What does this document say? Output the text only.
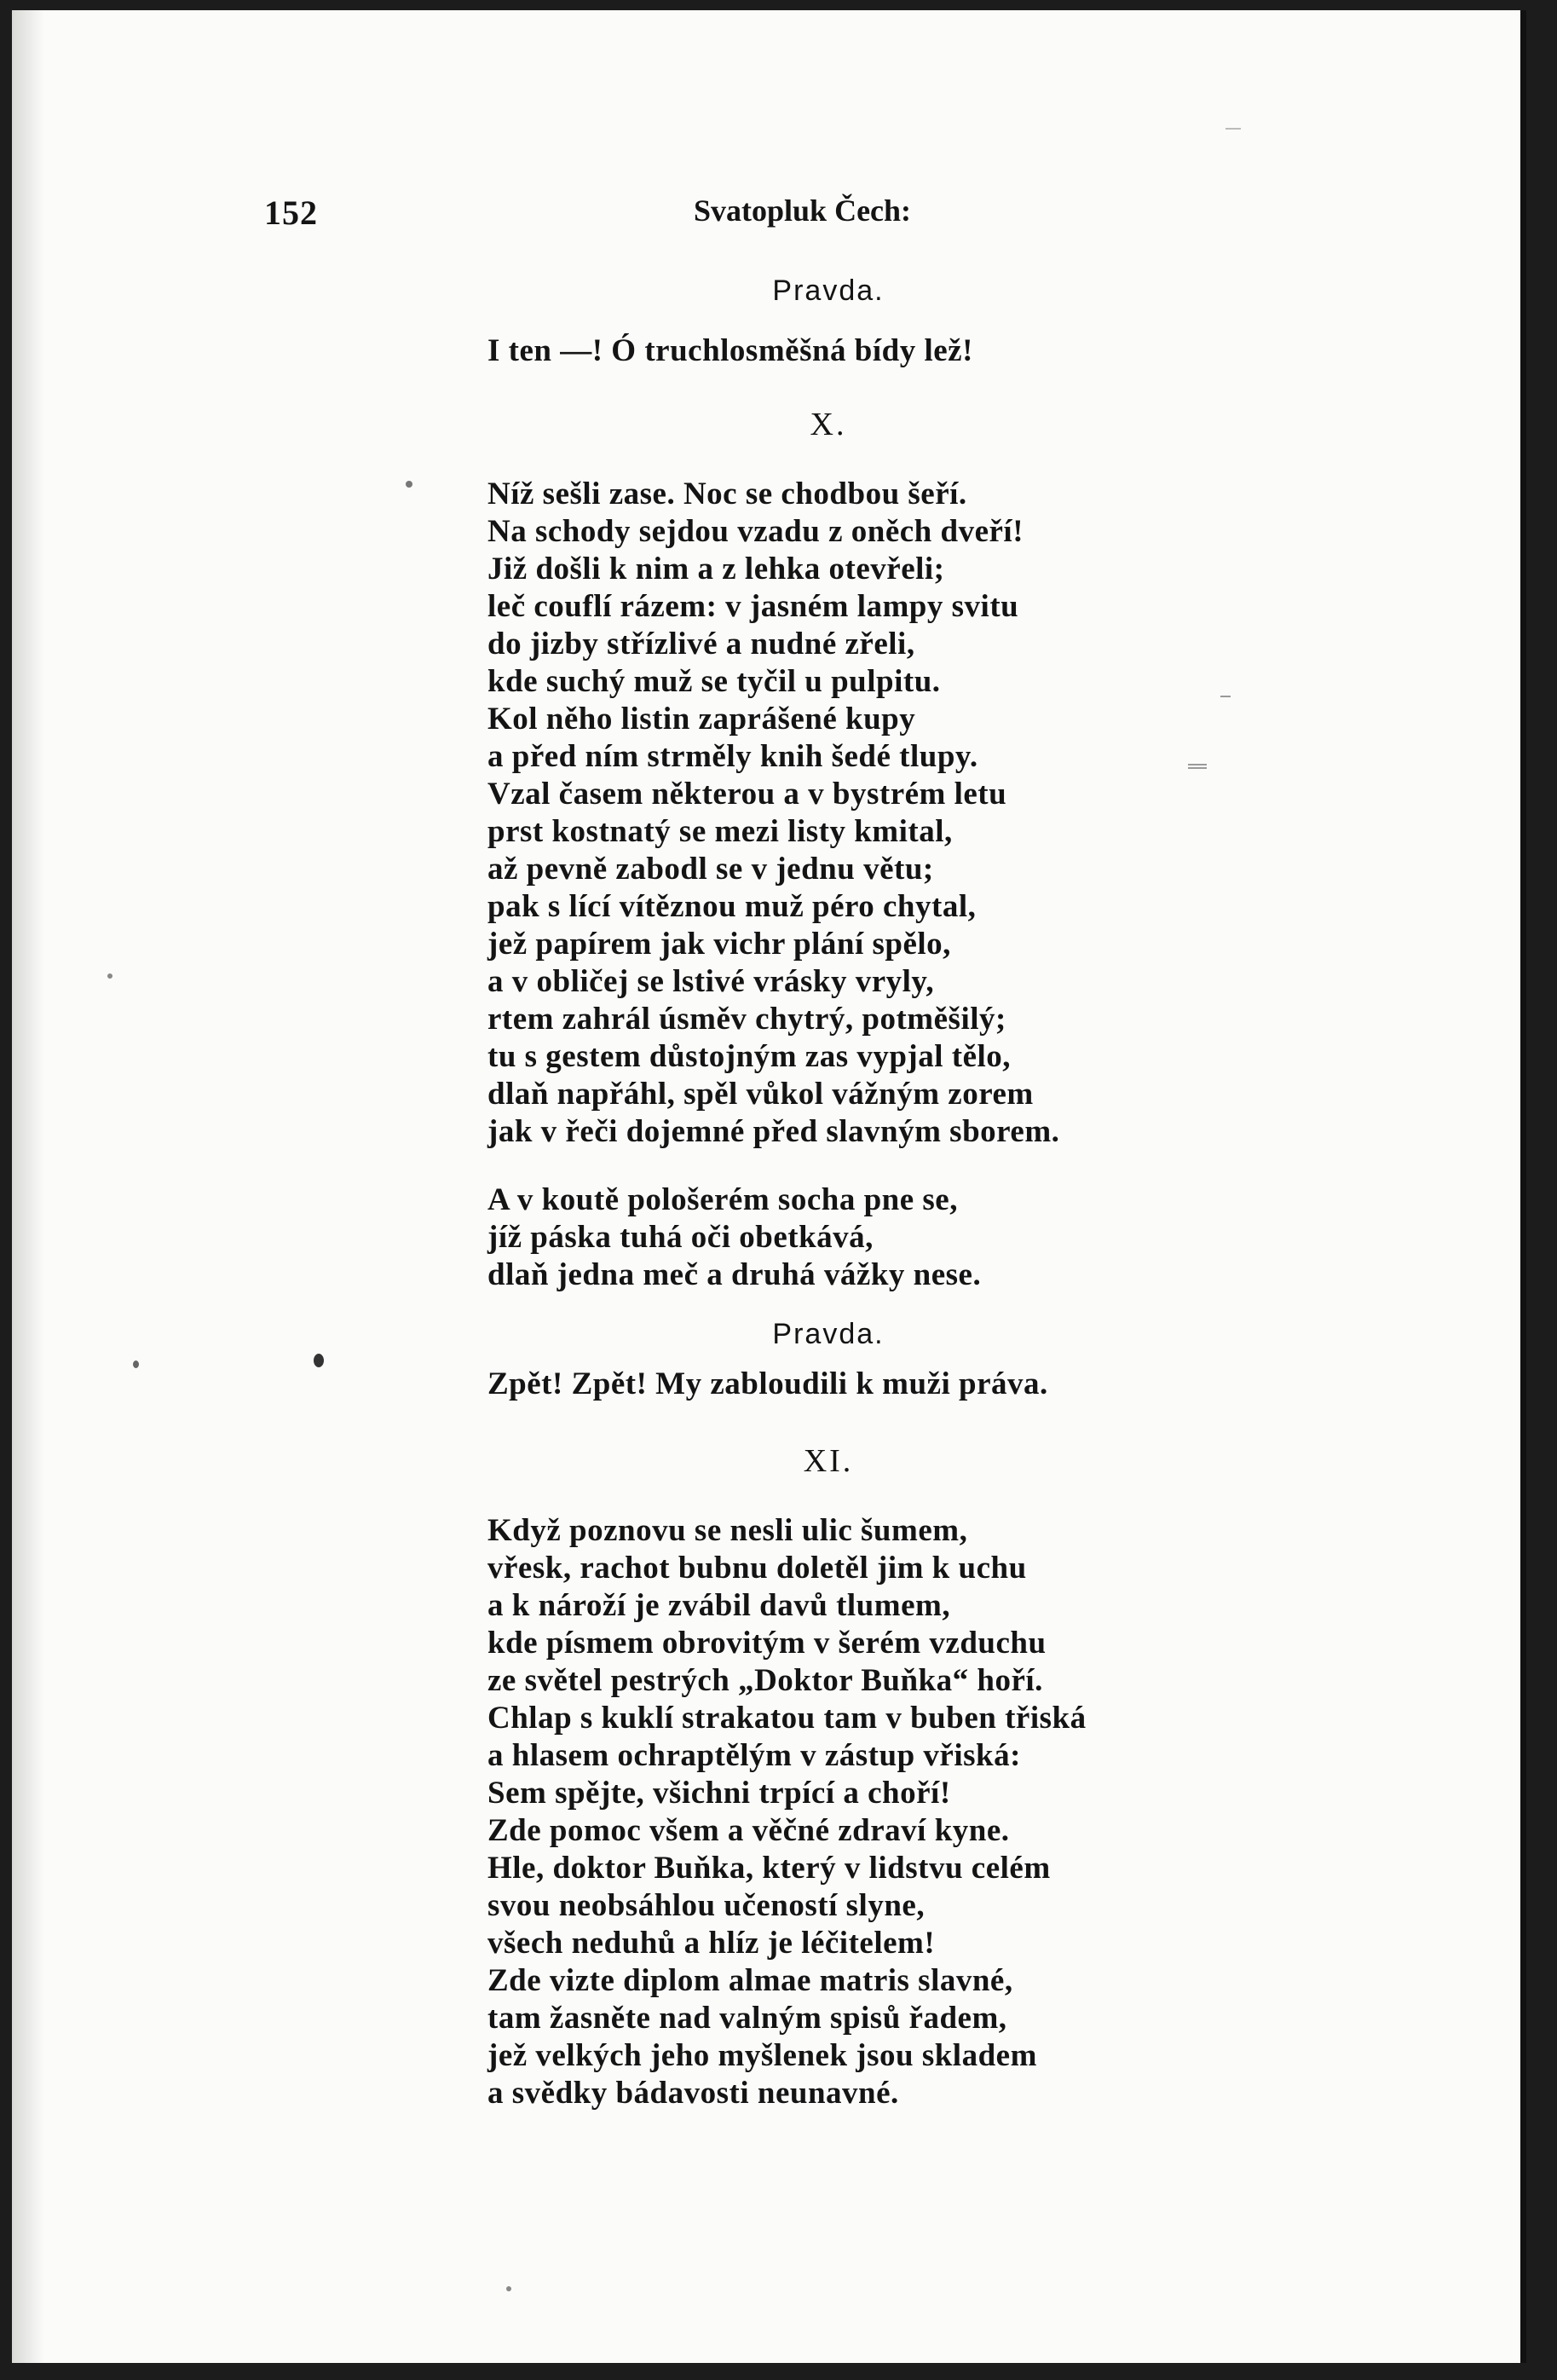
152	Svatopluk Čech:
Pravda.
I ten —! Ó truchlosměšná bídy lež!
X.
Níž sešli zase. Noc se chodbou šeří.
Na schody sejdou vzadu z oněch dveří!
Již došli k nim a z lehka otevřeli;
leč couflí rázem: v jasném lampy svitu
do jizby střízlivé a nudné zřeli,
kde suchý muž se tyčil u pulpitu.
Kol něho listin zaprášené kupy
a před ním strměly knih šedé tlupy.
Vzal časem některou a v bystrém letu
prst kostnatý se mezi listy kmital,
až pevně zabodl se v jednu větu;
pak s lící vítěznou muž péro chytal,
jež papírem jak vichr plání spělo,
a v obličej se lstivé vrásky vryly,
rtem zahrál úsměv chytrý, potměšilý;
tu s gestem důstojným zas vypjal tělo,
dlaň napřáhl, spěl vůkol vážným zorem
jak v řeči dojemné před slavným sborem.
A v koutě pološerém socha pne se,
jíž páska tuhá oči obetkává,
dlaň jedna meč a druhá vážky nese.
Pravda.
Zpět! Zpět! My zabloudili k muži práva.
XI.
Když poznovu se nesli ulic šumem,
vřesk, rachot bubnu doletěl jim k uchu
a k nároží je zvábil davů tlumem,
kde písmem obrovitým v šerém vzduchu
ze světel pestrých „Doktor Buňka“ hoří.
Chlap s kuklí strakatou tam v buben třiská
a hlasem ochraptělým v zástup vřiská:
Sem spějte, všichni trpící a choří!
Zde pomoc všem a věčné zdraví kyne.
Hle, doktor Buňka, který v lidstvu celém
svou neobsáhlou učeností slyne,
všech neduhů a hlíz je léčitelem!
Zde vizte diplom almae matris slavné,
tam žasněte nad valným spisů řadem,
jež velkých jeho myšlenek jsou skladem
a svědky bádavosti neunavné.
